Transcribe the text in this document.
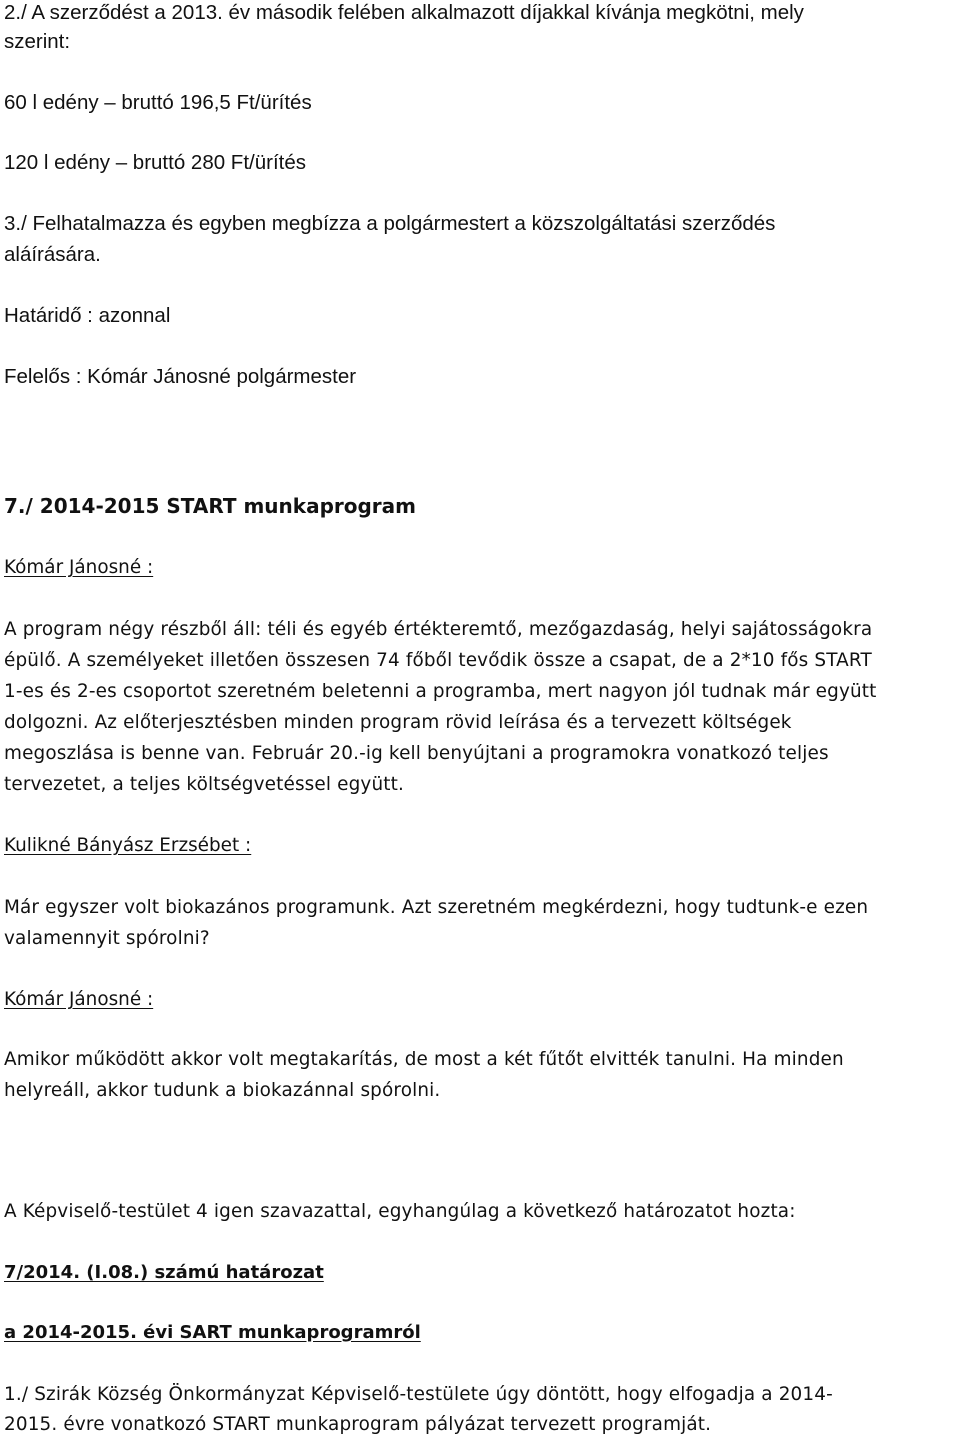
2./ A szerződést a 2013. év második felében alkalmazott díjakkal kívánja megkötni, mely

szerint:

60 l edény – bruttó 196,5 Ft/ürítés

120 l edény – bruttó 280 Ft/ürítés

3./ Felhatalmazza és egyben megbízza a polgármestert a közszolgáltatási szerződés

aláírására.

Határidő : azonnal

Felelős : Kómár Jánosné polgármester

7./ 2014-2015 START munkaprogram

Kómár Jánosné :

A program négy részből áll: téli és egyéb értékteremtő, mezőgazdaság, helyi sajátosságokra

épülő. A személyeket illetően összesen 74 főből tevődik össze a csapat, de a 2*10 fős START

1-es és 2-es csoportot szeretném beletenni a programba, mert nagyon jól tudnak már együtt

dolgozni. Az előterjesztésben minden program rövid leírása és a tervezett költségek

megoszlása is benne van. Február 20.-ig kell benyújtani a programokra vonatkozó teljes

tervezetet, a teljes költségvetéssel együtt.

Kulikné Bányász Erzsébet :

Már egyszer volt biokazános programunk. Azt szeretném megkérdezni, hogy tudtunk-e ezen

valamennyit spórolni?

Kómár Jánosné :

Amikor működött akkor volt megtakarítás, de most a két fűtőt elvitték tanulni. Ha minden

helyreáll, akkor tudunk a biokazánnal spórolni.

A Képviselő-testület 4 igen szavazattal, egyhangúlag a következő határozatot hozta:

7/2014. (I.08.) számú határozat

a 2014-2015. évi SART munkaprogramról

1./ Szirák Község Önkormányzat Képviselő-testülete úgy döntött, hogy elfogadja a 2014-

2015. évre vonatkozó START munkaprogram pályázat tervezett programját.
